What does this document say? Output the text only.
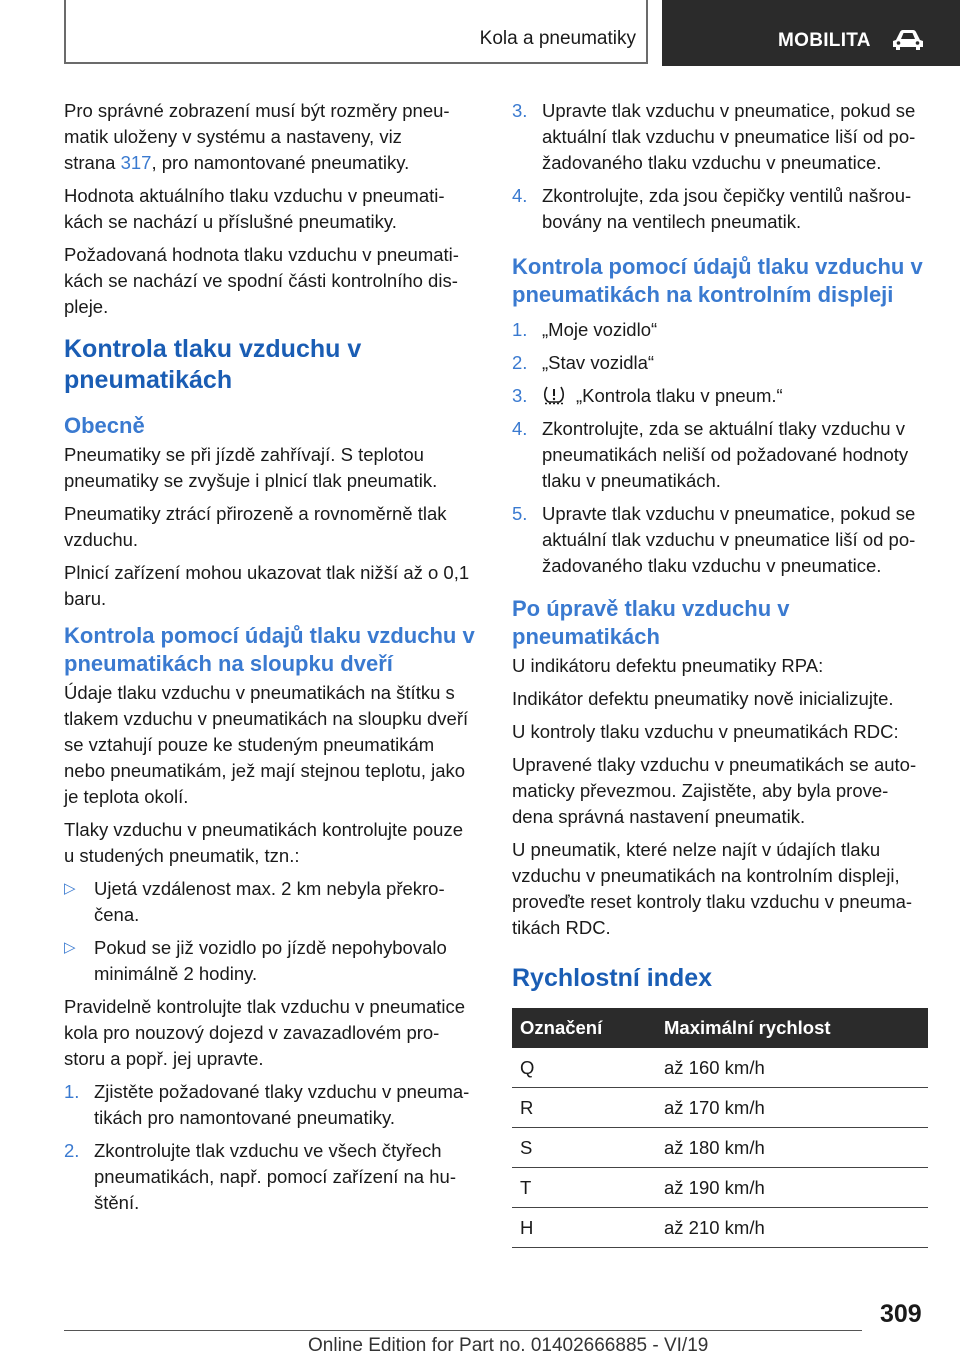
Kola a pneumatiky	MOBILITA

Pro správné zobrazení musí být rozměry pneu‐
matik uloženy v systému a nastaveny, viz
strana 317, pro namontované pneumatiky.

Hodnota aktuálního tlaku vzduchu v pneumati‐ kách se nachází u příslušné pneumatiky.

Požadovaná hodnota tlaku vzduchu v pneumati‐ kách se nachází ve spodní části kontrolního dis‐ pleje.

Kontrola tlaku vzduchu v pneumatikách
Obecně

Pneumatiky se při jízdě zahřívají. S teplotou pneumatiky se zvyšuje i plnicí tlak pneumatik.

Pneumatiky ztrácí přirozeně a rovnoměrně tlak vzduchu.

Plnicí zařízení mohou ukazovat tlak nižší až o 0,1 baru.

Kontrola pomocí údajů tlaku vzduchu v pneumatikách na sloupku dveří

Údaje tlaku vzduchu v pneumatikách na štítku s tlakem vzduchu v pneumatikách na sloupku dveří se vztahují pouze ke studeným pneumatikám nebo pneumatikám, jež mají stejnou teplotu, jako je teplota okolí.

Tlaky vzduchu v pneumatikách kontrolujte pouze u studených pneumatik, tzn.:

▷ Ujetá vzdálenost max. 2 km nebyla překro‐ čena.
▷ Pokud se již vozidlo po jízdě nepohybovalo minimálně 2 hodiny.

Pravidelně kontrolujte tlak vzduchu v pneumatice kola pro nouzový dojezd v zavazadlovém pro‐ storu a popř. jej upravte.

1. Zjistěte požadované tlaky vzduchu v pneuma‐ tikách pro namontované pneumatiky.
2. Zkontrolujte tlak vzduchu ve všech čtyřech pneumatikách, např. pomocí zařízení na hu‐ štění.
3. Upravte tlak vzduchu v pneumatice, pokud se aktuální tlak vzduchu v pneumatice liší od po‐ žadovaného tlaku vzduchu v pneumatice.
4. Zkontrolujte, zda jsou čepičky ventilů našrou‐ bovány na ventilech pneumatik.
Kontrola pomocí údajů tlaku vzduchu v pneumatikách na kontrolním displeji
1. „Moje vozidlo“
2. „Stav vozidla“
3.	„Kontrola tlaku v pneum.“
4. Zkontrolujte, zda se aktuální tlaky vzduchu v pneumatikách neliší od požadované hodnoty tlaku v pneumatikách.
5. Upravte tlak vzduchu v pneumatice, pokud se aktuální tlak vzduchu v pneumatice liší od po‐ žadovaného tlaku vzduchu v pneumatice.
Po úpravě tlaku vzduchu v pneumatikách

U indikátoru defektu pneumatiky RPA:

Indikátor defektu pneumatiky nově inicializujte.

U kontroly tlaku vzduchu v pneumatikách RDC:

Upravené tlaky vzduchu v pneumatikách se auto‐ maticky převezmou. Zajistěte, aby byla prove‐ dena správná nastavení pneumatik.

U pneumatik, které nelze najít v údajích tlaku vzduchu v pneumatikách na kontrolním displeji, proveďte reset kontroly tlaku vzduchu v pneuma‐ tikách RDC.

Rychlostní index
Označení	Maximální rychlost
Q	až 160 km/h
R	až 170 km/h
S	až 180 km/h
T	až 190 km/h
H	až 210 km/h
309
Online Edition for Part no. 01402666885 - VI/19
